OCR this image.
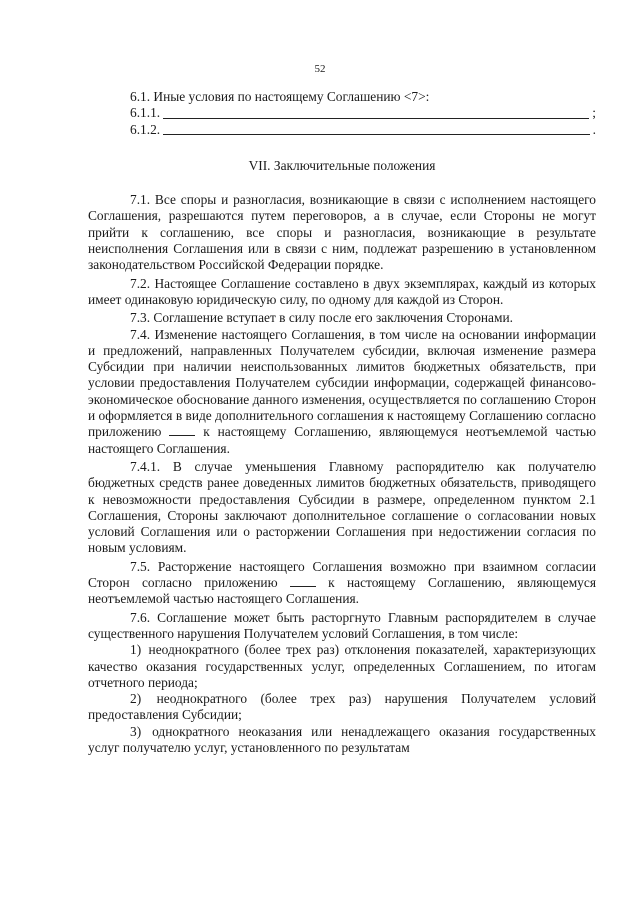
52
6.1. Иные условия по настоящему Соглашению <7>:
6.1.1.	;
6.1.2.	.
VII. Заключительные положения

7.1. Все споры и разногласия, возникающие в связи с исполнением настоящего Соглашения, разрешаются путем переговоров, а в случае, если Стороны не могут прийти к соглашению, все споры и разногласия, возникающие в результате неисполнения Соглашения или в связи с ним, подлежат разрешению в установленном законодательством Российской Федерации порядке.

7.2. Настоящее Соглашение составлено в двух экземплярах, каждый из которых имеет одинаковую юридическую силу, по одному для каждой из Сторон.

7.3. Соглашение вступает в силу после его заключения Сторонами.

7.4. Изменение настоящего Соглашения, в том числе на основании информации и предложений, направленных Получателем субсидии, включая изменение размера Субсидии при наличии неиспользованных лимитов бюджетных обязательств, при условии предоставления Получателем субсидии информации, содержащей финансово-экономическое обоснование данного изменения, осуществляется по соглашению Сторон и оформляется в виде дополнительного соглашения к настоящему Соглашению согласно приложению	к настоящему Соглашению, являющемуся неотъемлемой частью настоящего Соглашения.

7.4.1. В случае уменьшения Главному распорядителю как получателю бюджетных средств ранее доведенных лимитов бюджетных обязательств, приводящего к невозможности предоставления Субсидии в размере, определенном пунктом 2.1 Соглашения, Стороны заключают дополнительное соглашение о согласовании новых условий Соглашения или о расторжении Соглашения при недостижении согласия по новым условиям.

7.5. Расторжение настоящего Соглашения возможно при взаимном согласии Сторон согласно приложению	к настоящему Соглашению, являющемуся неотъемлемой частью настоящего Соглашения.

7.6. Соглашение может быть расторгнуто Главным распорядителем в случае существенного нарушения Получателем условий Соглашения, в том числе:

1) неоднократного (более трех раз) отклонения показателей, характеризующих качество оказания государственных услуг, определенных Соглашением, по итогам отчетного периода;

2) неоднократного (более трех раз) нарушения Получателем условий предоставления Субсидии;

3) однократного неоказания или ненадлежащего оказания государственных услуг получателю услуг, установленного по результатам
